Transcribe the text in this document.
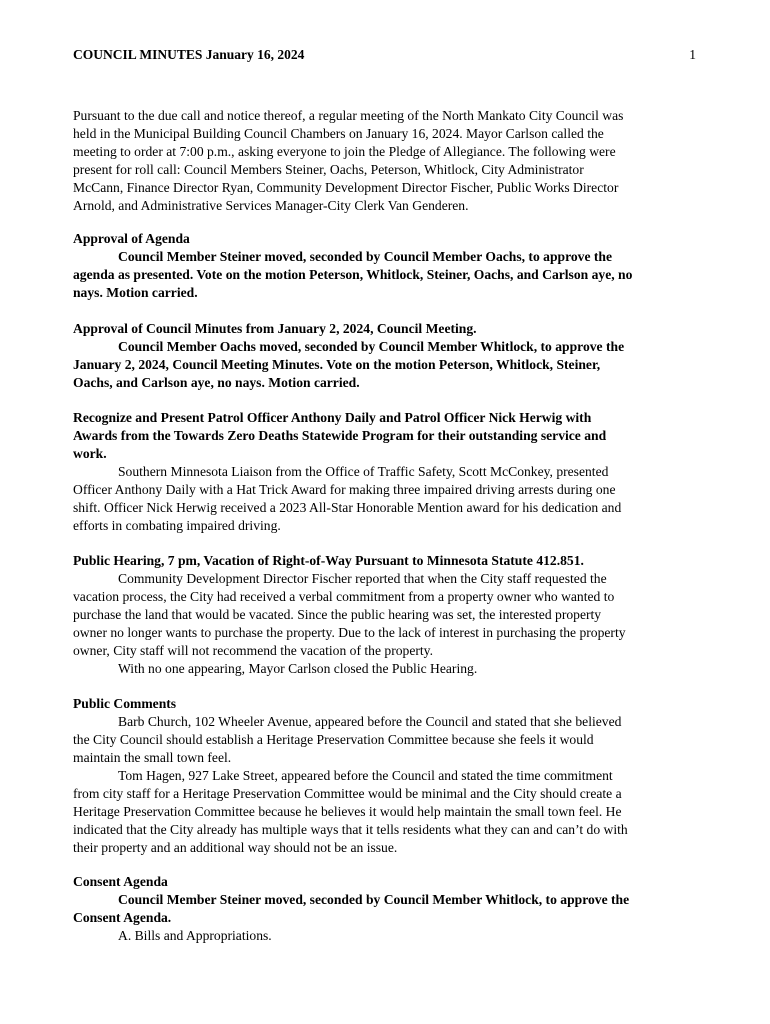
COUNCIL MINUTES January 16, 2024	1
Pursuant to the due call and notice thereof, a regular meeting of the North Mankato City Council was
held in the Municipal Building Council Chambers on January 16, 2024. Mayor Carlson called the
meeting to order at 7:00 p.m., asking everyone to join the Pledge of Allegiance. The following were
present for roll call: Council Members Steiner, Oachs, Peterson, Whitlock, City Administrator
McCann, Finance Director Ryan, Community Development Director Fischer, Public Works Director
Arnold, and Administrative Services Manager-City Clerk Van Genderen.
Approval of Agenda
Council Member Steiner moved, seconded by Council Member Oachs, to approve the
agenda as presented. Vote on the motion Peterson, Whitlock, Steiner, Oachs, and Carlson aye, no
nays. Motion carried.
Approval of Council Minutes from January 2, 2024, Council Meeting.
Council Member Oachs moved, seconded by Council Member Whitlock, to approve the
January 2, 2024, Council Meeting Minutes. Vote on the motion Peterson, Whitlock, Steiner,
Oachs, and Carlson aye, no nays. Motion carried.
Recognize and Present Patrol Officer Anthony Daily and Patrol Officer Nick Herwig with
Awards from the Towards Zero Deaths Statewide Program for their outstanding service and
work.
Southern Minnesota Liaison from the Office of Traffic Safety, Scott McConkey, presented
Officer Anthony Daily with a Hat Trick Award for making three impaired driving arrests during one
shift. Officer Nick Herwig received a 2023 All-Star Honorable Mention award for his dedication and
efforts in combating impaired driving.
Public Hearing, 7 pm, Vacation of Right-of-Way Pursuant to Minnesota Statute 412.851.
Community Development Director Fischer reported that when the City staff requested the
vacation process, the City had received a verbal commitment from a property owner who wanted to
purchase the land that would be vacated. Since the public hearing was set, the interested property
owner no longer wants to purchase the property. Due to the lack of interest in purchasing the property
owner, City staff will not recommend the vacation of the property.
With no one appearing, Mayor Carlson closed the Public Hearing.
Public Comments
Barb Church, 102 Wheeler Avenue, appeared before the Council and stated that she believed
the City Council should establish a Heritage Preservation Committee because she feels it would
maintain the small town feel.
Tom Hagen, 927 Lake Street, appeared before the Council and stated the time commitment
from city staff for a Heritage Preservation Committee would be minimal and the City should create a
Heritage Preservation Committee because he believes it would help maintain the small town feel. He
indicated that the City already has multiple ways that it tells residents what they can and can’t do with
their property and an additional way should not be an issue.
Consent Agenda
Council Member Steiner moved, seconded by Council Member Whitlock, to approve the
Consent Agenda.
A. Bills and Appropriations.
